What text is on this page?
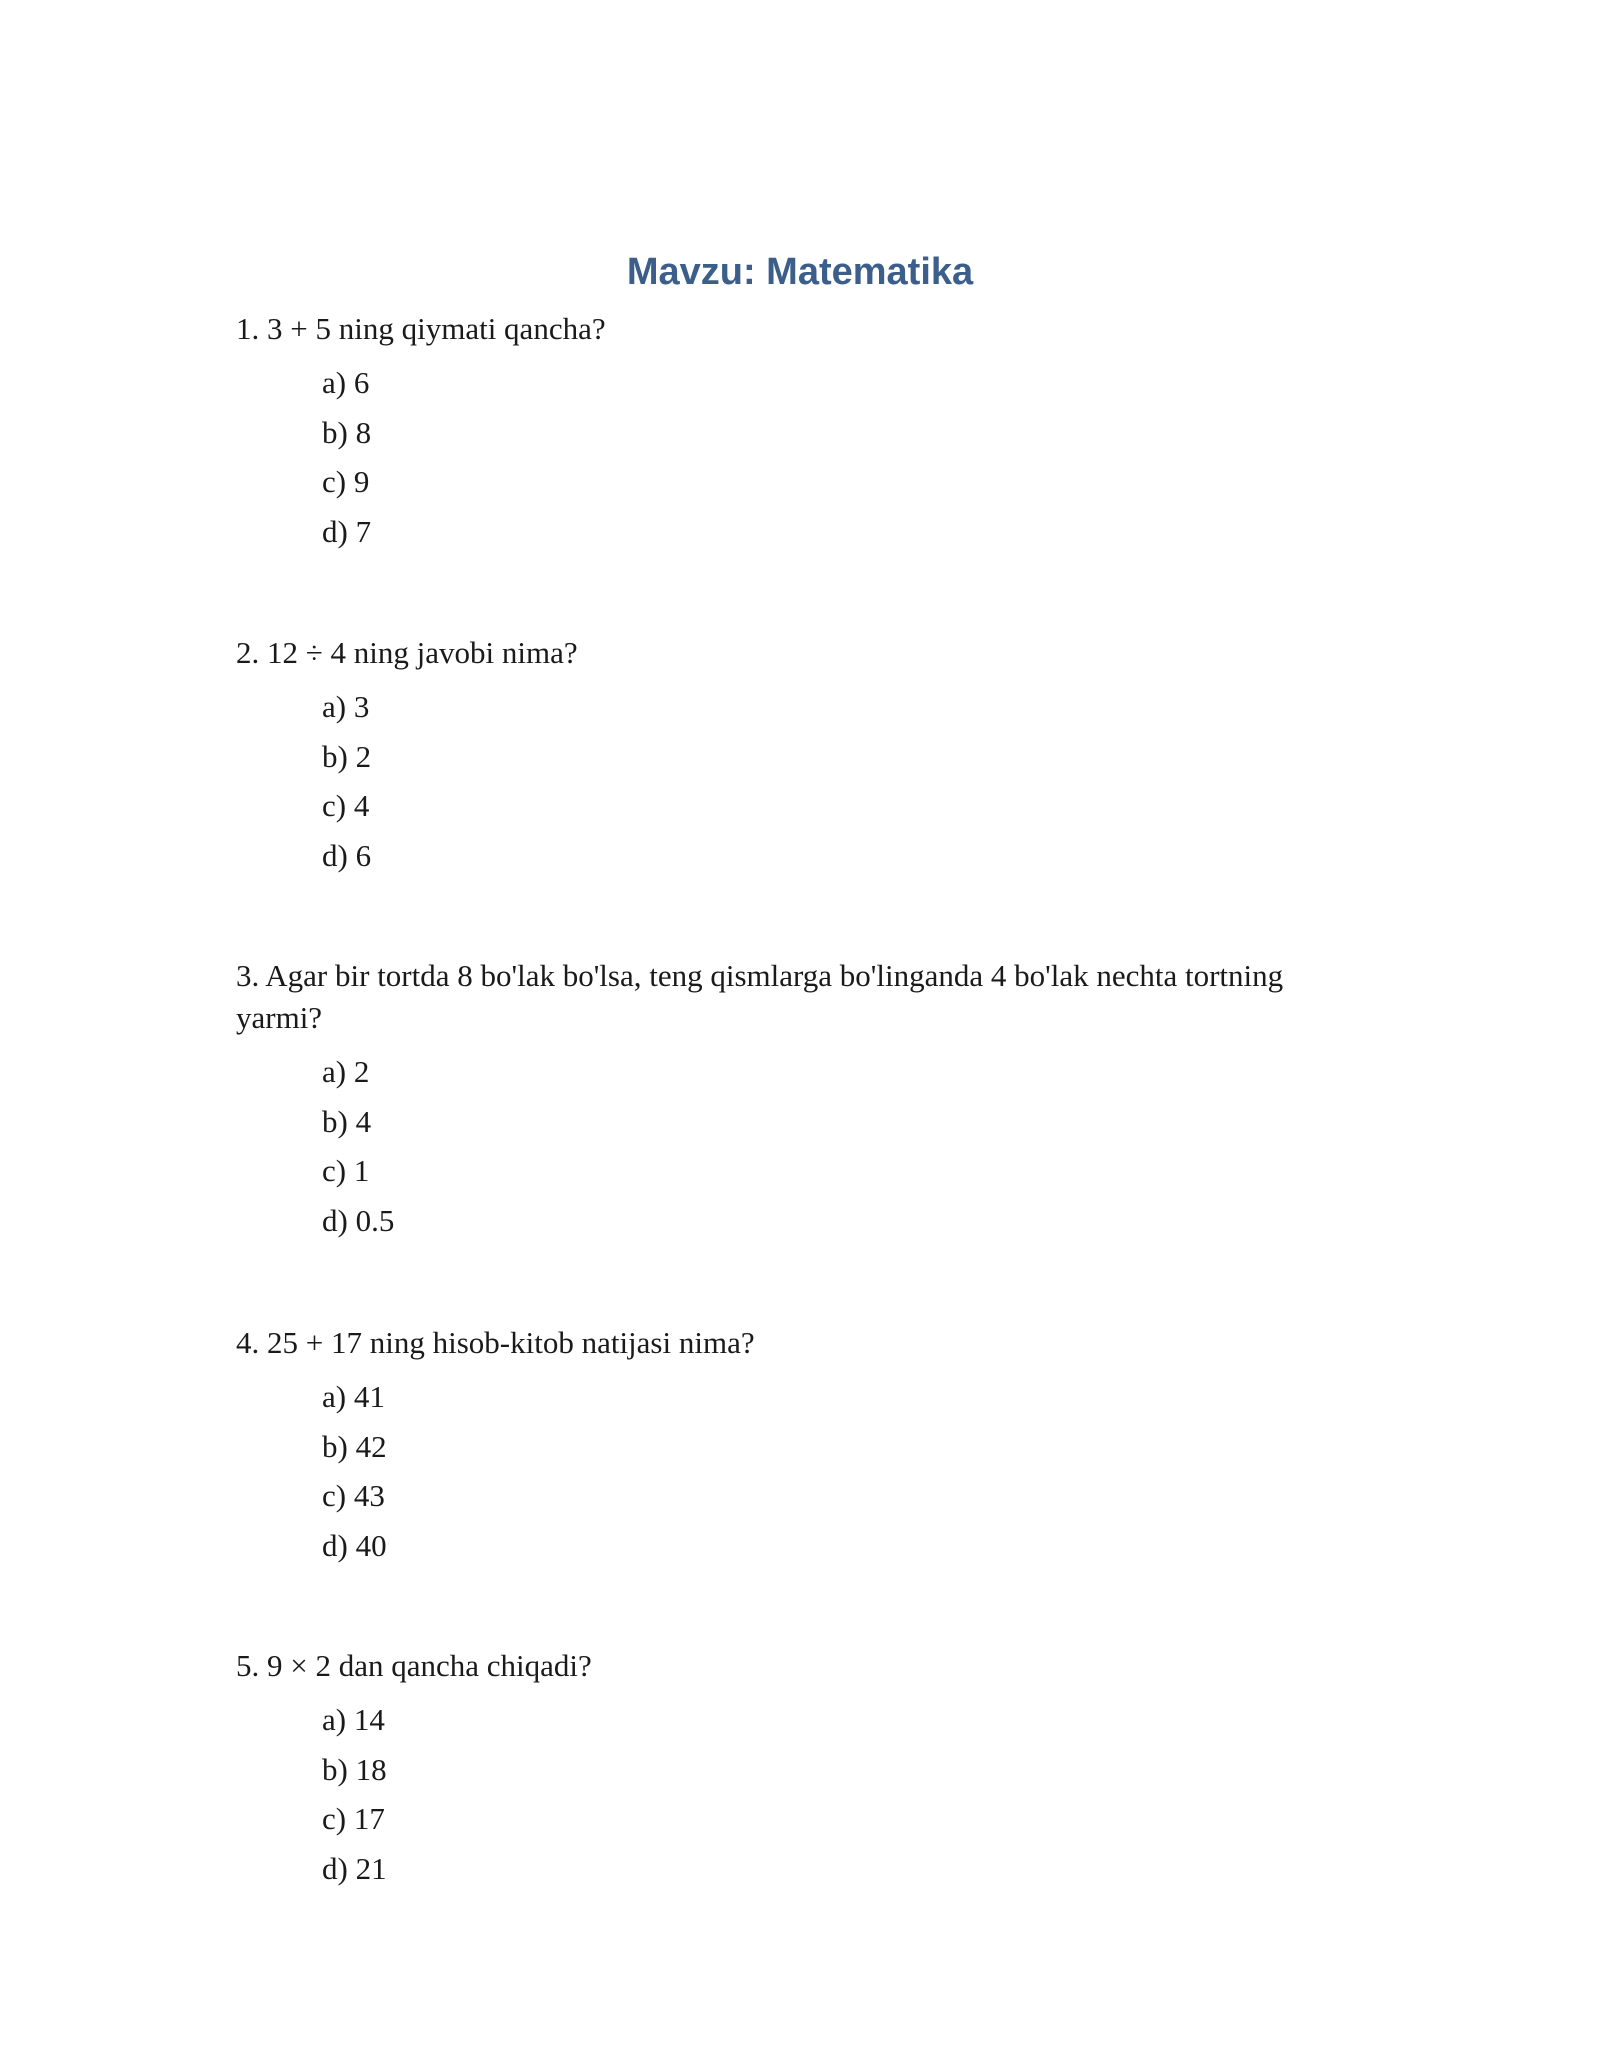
Mavzu: Matematika

1. 3 + 5 ning qiymati qancha?

a) 6
b) 8
c) 9
d) 7

2. 12 ÷ 4 ning javobi nima?

a) 3
b) 2
c) 4
d) 6

3. Agar bir tortda 8 bo'lak bo'lsa, teng qismlarga bo'linganda 4 bo'lak nechta tortning yarmi?

a) 2
b) 4
c) 1
d) 0.5

4. 25 + 17 ning hisob-kitob natijasi nima?

a) 41
b) 42
c) 43
d) 40

5. 9 × 2 dan qancha chiqadi?

a) 14
b) 18
c) 17
d) 21
